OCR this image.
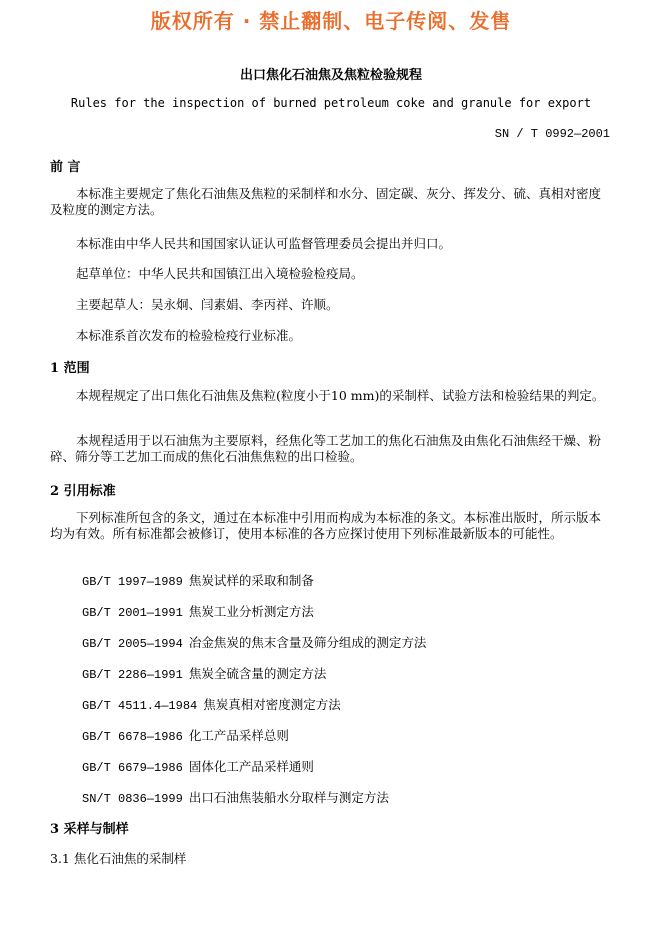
版权所有 · 禁止翻制、电子传阅、发售
出口焦化石油焦及焦粒检验规程
Rules for the inspection of burned petroleum coke and granule for export
SN / T 0992—2001
前 言
本标准主要规定了焦化石油焦及焦粒的采制样和水分、固定碳、灰分、挥发分、硫、真相对密度及粒度的测定方法。
本标准由中华人民共和国国家认证认可监督管理委员会提出并归口。
起草单位：中华人民共和国镇江出入境检验检疫局。
主要起草人：吴永炯、闫素娟、李丙祥、许顺。
本标准系首次发布的检验检疫行业标准。
1 范围
本规程规定了出口焦化石油焦及焦粒(粒度小于10 mm)的采制样、试验方法和检验结果的判定。
本规程适用于以石油焦为主要原料，经焦化等工艺加工的焦化石油焦及由焦化石油焦经干燥、粉碎、筛分等工艺加工而成的焦化石油焦焦粒的出口检验。
2 引用标准
下列标准所包含的条文，通过在本标准中引用而构成为本标准的条文。本标准出版时，所示版本均为有效。所有标准都会被修订，使用本标准的各方应探讨使用下列标准最新版本的可能性。
GB/T 1997—1989 焦炭试样的采取和制备
GB/T 2001—1991 焦炭工业分析测定方法
GB/T 2005—1994 冶金焦炭的焦末含量及筛分组成的测定方法
GB/T 2286—1991 焦炭全硫含量的测定方法
GB/T 4511.4—1984 焦炭真相对密度测定方法
GB/T 6678—1986 化工产品采样总则
GB/T 6679—1986 固体化工产品采样通则
SN/T 0836—1999 出口石油焦装船水分取样与测定方法
3 采样与制样
3.1 焦化石油焦的采制样
